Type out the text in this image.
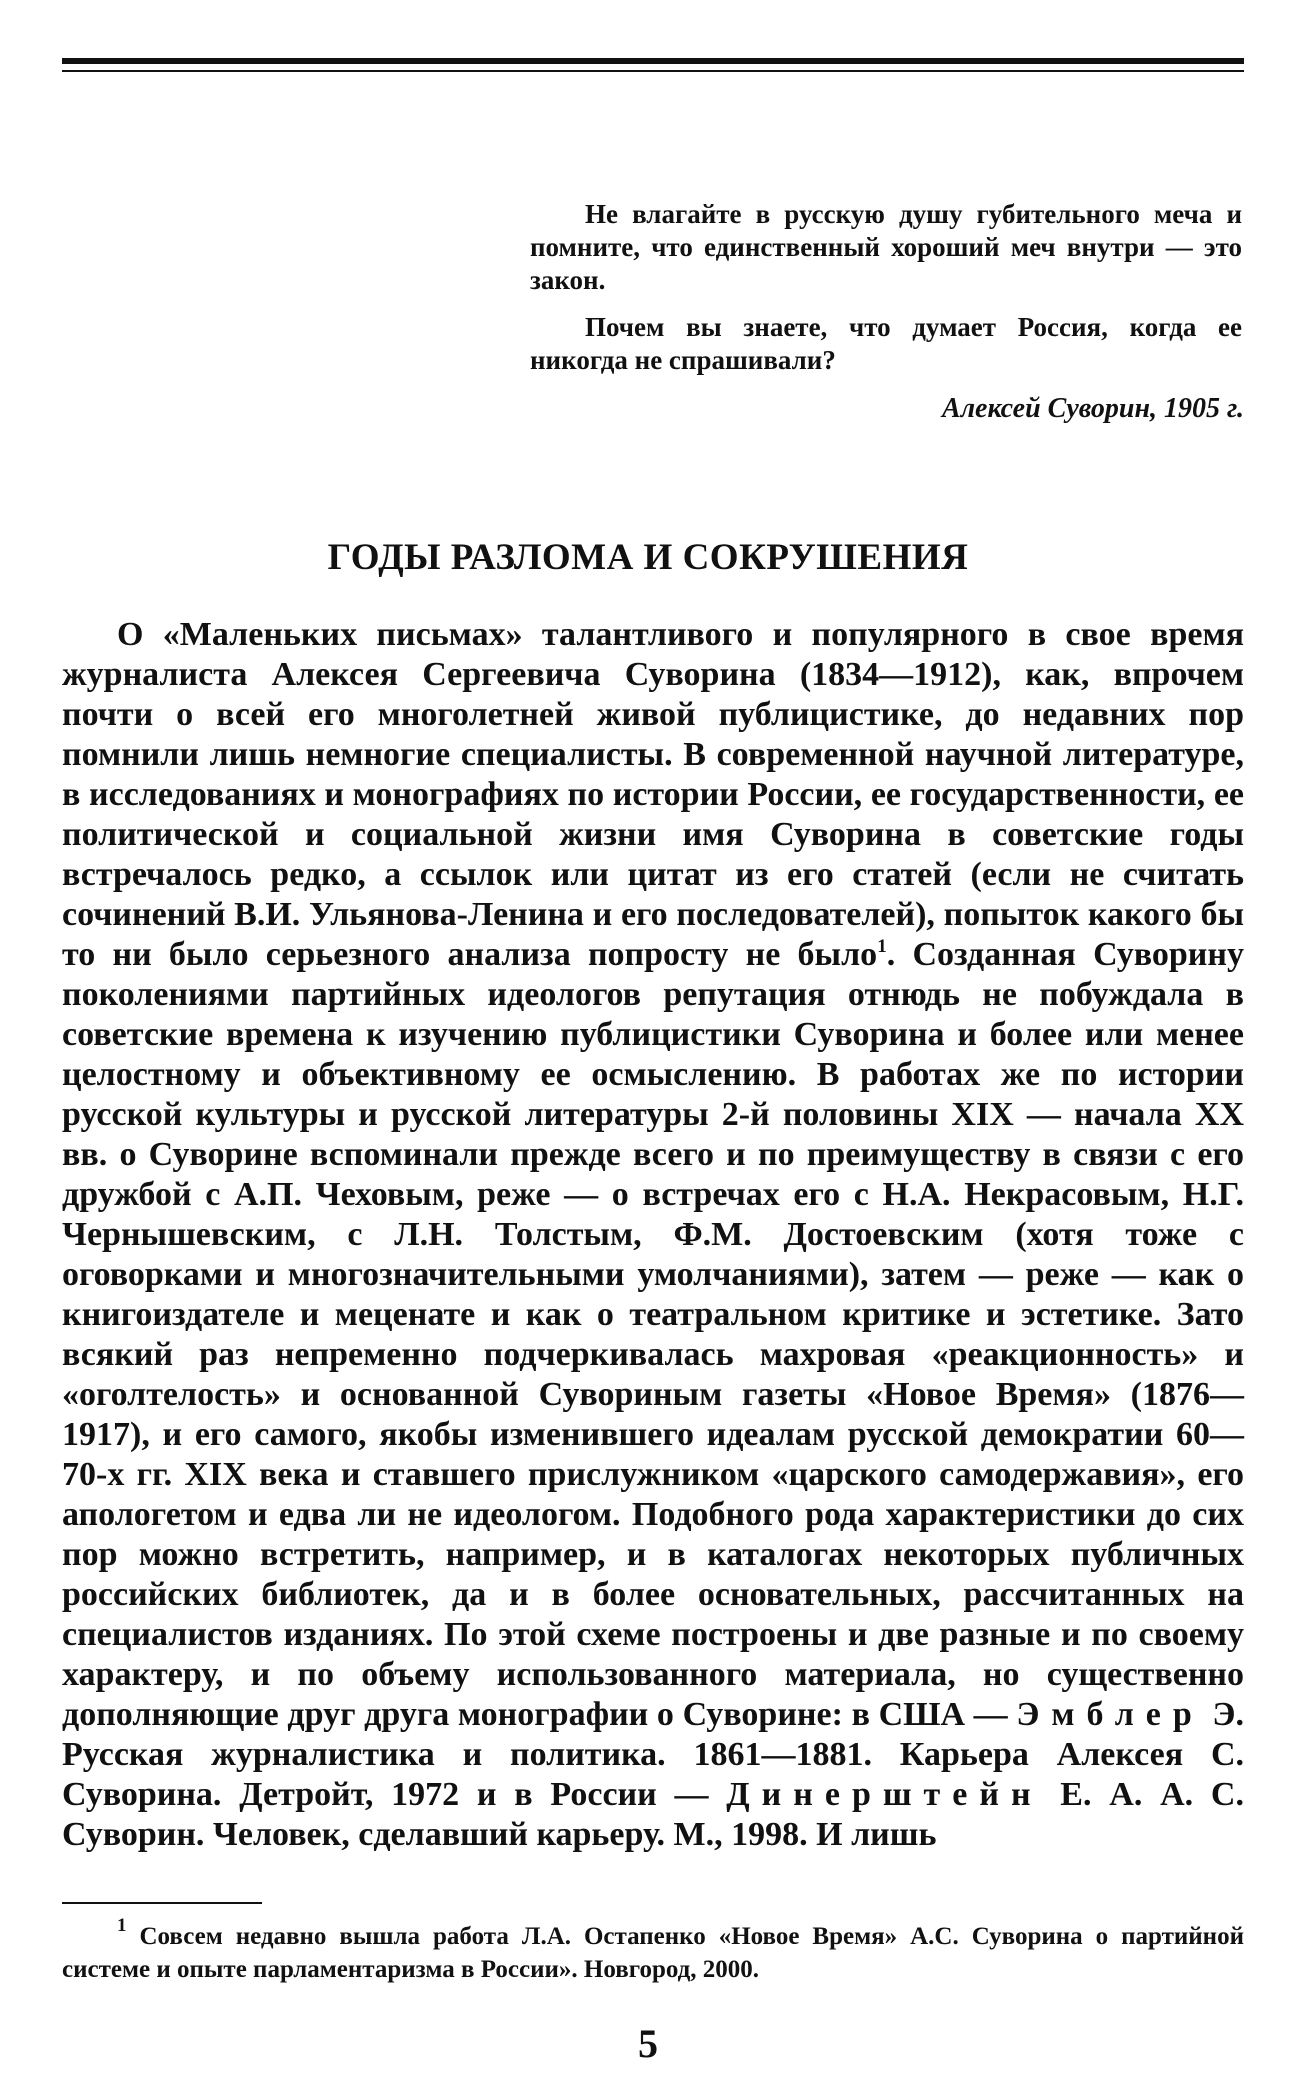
Не влагайте в русскую душу губительного меча и помните, что единственный хороший меч внутри — это закон.

Почем вы знаете, что думает Россия, когда ее никогда не спрашивали?

Алексей Суворин, 1905 г.
ГОДЫ РАЗЛОМА И СОКРУШЕНИЯ

О «Маленьких письмах» талантливого и популярного в свое время журналиста Алексея Сергеевича Суворина (1834—1912), как, впрочем почти о всей его многолетней живой публицистике, до недавних пор помнили лишь немногие специалисты. В современной научной литературе, в исследованиях и монографиях по истории России, ее государственности, ее политической и социальной жизни имя Суворина в советские годы встречалось редко, а ссылок или цитат из его статей (если не считать сочинений В.И. Ульянова-Ленина и его последователей), попыток какого бы то ни было серьезного анализа попросту не было$^1$. Созданная Суворину поколениями партийных идеологов репутация отнюдь не побуждала в советские времена к изучению публицистики Суворина и более или менее целостному и объективному ее осмыслению. В работах же по истории русской культуры и русской литературы 2-й половины XIX — начала XX вв. о Суворине вспоминали прежде всего и по преимуществу в связи с его дружбой с А.П. Чеховым, реже — о встречах его с Н.А. Некрасовым, Н.Г. Чернышевским, с Л.Н. Толстым, Ф.М. Достоевским (хотя тоже с оговорками и многозначительными умолчаниями), затем — реже — как о книгоиздателе и меценате и как о театральном критике и эстетике. Зато всякий раз непременно подчеркивалась махровая «реакционность» и «оголтелость» и основанной Сувориным газеты «Новое Время» (1876—1917), и его самого, якобы изменившего идеалам русской демократии 60—70-х гг. XIX века и ставшего прислужником «царского самодержавия», его апологетом и едва ли не идеологом. Подобного рода характеристики до сих пор можно встретить, например, и в каталогах некоторых публичных российских библиотек, да и в более основательных, рассчитанных на специалистов изданиях. По этой схеме построены и две разные и по своему характеру, и по объему использованного материала, но существенно дополняющие друг друга монографии о Суворине: в США — Эмблер Э. Русская журналистика и политика. 1861—1881. Карьера Алексея С. Суворина. Детройт, 1972 и в России — Динерштейн Е. А. А. С. Суворин. Человек, сделавший карьеру. М., 1998. И лишь

$^1$ Совсем недавно вышла работа Л.А. Остапенко «Новое Время» А.С. Суворина о партийной системе и опыте парламентаризма в России». Новгород, 2000.

5
